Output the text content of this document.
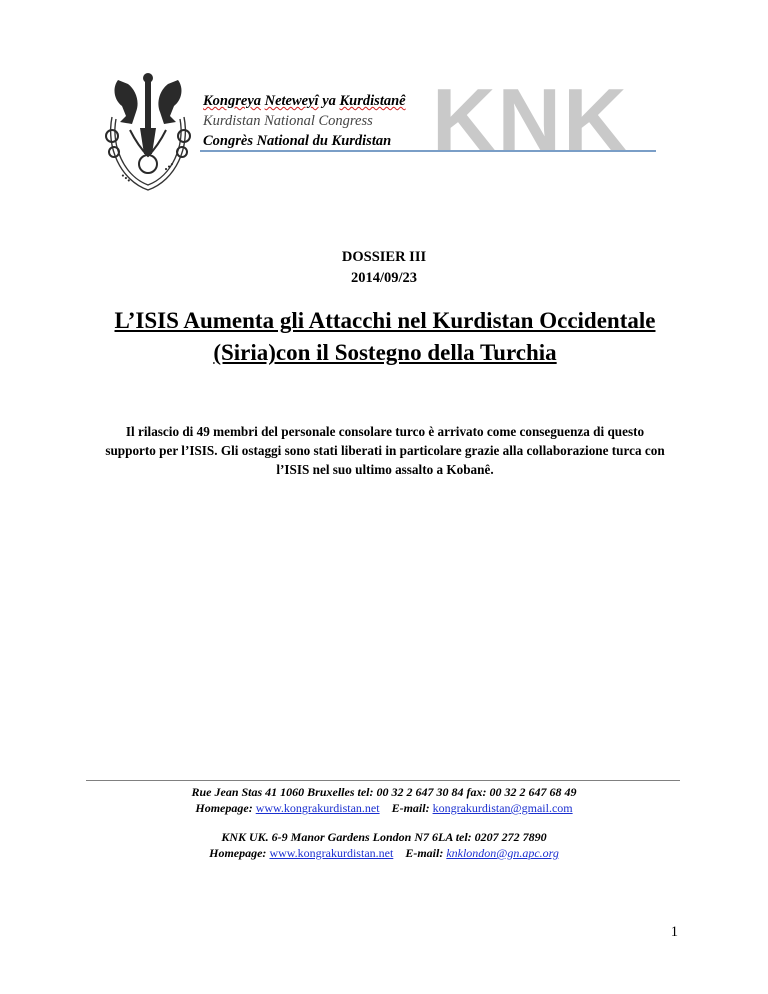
•••
•••
Kongreya Neteweyî ya Kurdistanê
Kurdistan National Congress
Congrès National du Kurdistan KNK
DOSSIER III
2014/09/23
L’ISIS Aumenta gli Attacchi nel Kurdistan Occidentale
(Siria)con il Sostegno della Turchia
Il rilascio di 49 membri del personale consolare turco è arrivato come conseguenza di questo supporto per l’ISIS. Gli ostaggi sono stati liberati in particolare grazie alla collaborazione turca con l’ISIS nel suo ultimo assalto a Kobanê.
Rue Jean Stas 41 1060 Bruxelles tel: 00 32 2 647 30 84 fax: 00 32 2 647 68 49
Homepage: www.kongrakurdistan.net E-mail: kongrakurdistan@gmail.com
KNK UK. 6-9 Manor Gardens London N7 6LA tel: 0207 272 7890
Homepage: www.kongrakurdistan.net E-mail: knklondon@gn.apc.org
1
